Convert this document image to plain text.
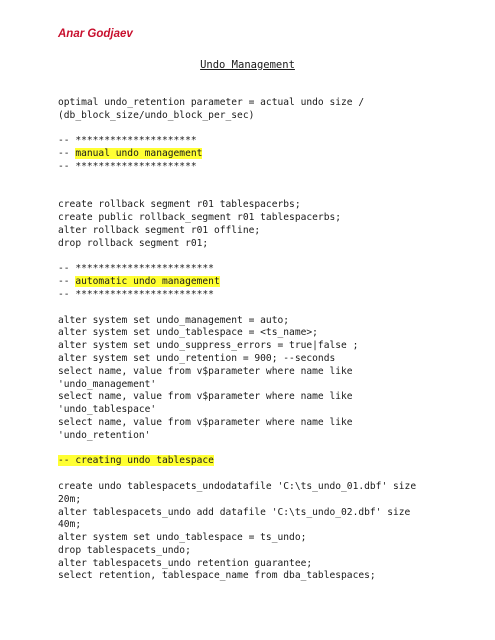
Anar Godjaev
Undo Management
optimal undo_retention parameter = actual undo size /
(db_block_size/undo_block_per_sec)
-- *********************
-- manual undo management
-- *********************
create rollback segment r01 tablespacerbs;
create public rollback_segment r01 tablespacerbs;
alter rollback segment r01 offline;
drop rollback segment r01;
-- ************************
-- automatic undo management
-- ************************
alter system set undo_management = auto;
alter system set undo_tablespace = <ts_name>;
alter system set undo_suppress_errors = true|false ;
alter system set undo_retention = 900; --seconds
select name, value from v$parameter where name like
'undo_management'
select name, value from v$parameter where name like
'undo_tablespace'
select name, value from v$parameter where name like
'undo_retention'
-- creating undo tablespace
create undo tablespacets_undodatafile 'C:\ts_undo_01.dbf' size
20m;
alter tablespacets_undo add datafile 'C:\ts_undo_02.dbf' size
40m;
alter system set undo_tablespace = ts_undo;
drop tablespacets_undo;
alter tablespacets_undo retention guarantee;
select retention, tablespace_name from dba_tablespaces;
